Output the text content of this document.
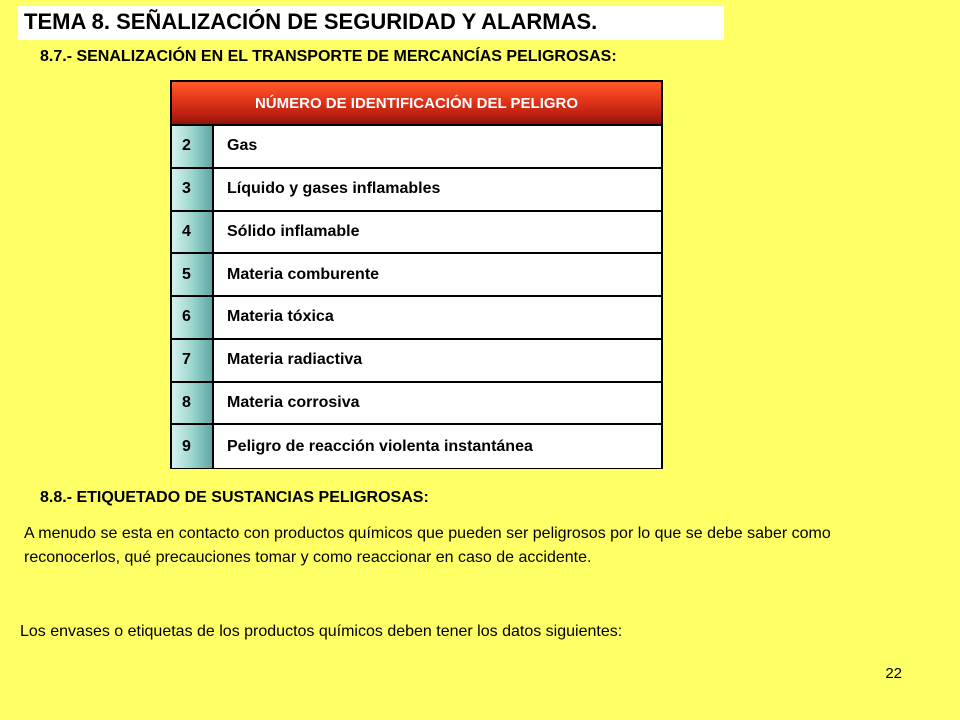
TEMA 8. SEÑALIZACIÓN DE SEGURIDAD Y ALARMAS.
8.7.- SENALIZACIÓN EN EL TRANSPORTE DE MERCANCÍAS PELIGROSAS:
NÚMERO DE IDENTIFICACIÓN DEL PELIGRO
2	Gas
3	Líquido y gases inflamables
4	Sólido inflamable
5	Materia comburente
6	Materia tóxica
7	Materia radiactiva
8	Materia corrosiva
9	Peligro de reacción violenta instantánea
8.8.- ETIQUETADO DE SUSTANCIAS PELIGROSAS:
A menudo se esta en contacto con productos químicos que pueden ser peligrosos por lo que se debe saber como reconocerlos, qué precauciones tomar y como reaccionar en caso de accidente.
Los envases o etiquetas de los productos químicos deben tener los datos siguientes:
22
